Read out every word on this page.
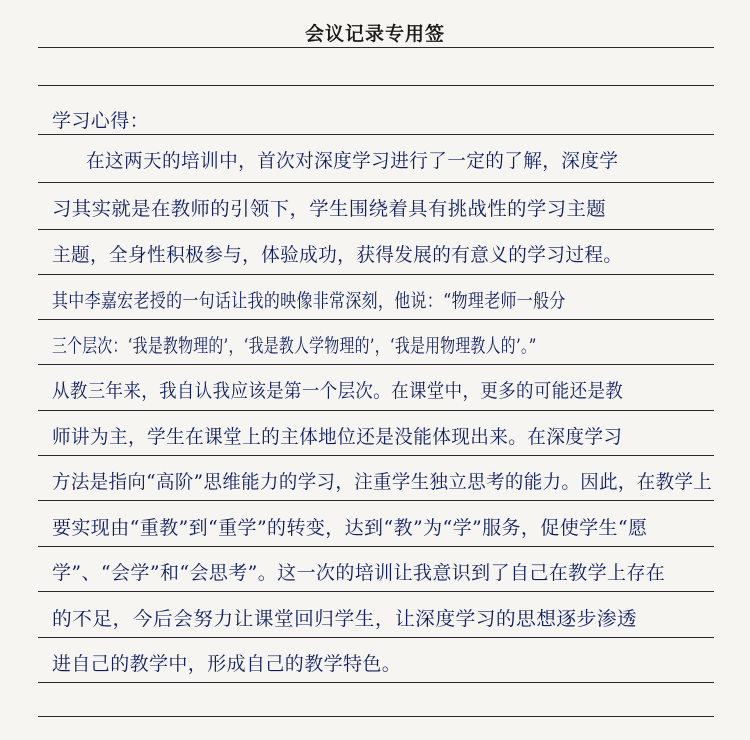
会议记录专用签
学习心得：
在这两天的培训中，首次对深度学习进行了一定的了解，深度学
习其实就是在教师的引领下，学生围绕着具有挑战性的学习主题
主题，全身性积极参与，体验成功，获得发展的有意义的学习过程。
其中李嘉宏老授的一句话让我的映像非常深刻，他说：“物理老师一般分
三个层次：‘我是教物理的’，‘我是教人学物理的’，‘我是用物理教人的’。”
从教三年来，我自认我应该是第一个层次。在课堂中，更多的可能还是教
师讲为主，学生在课堂上的主体地位还是没能体现出来。在深度学习
方法是指向“高阶”思维能力的学习，注重学生独立思考的能力。因此，在教学上
要实现由“重教”到“重学”的转变，达到“教”为“学”服务，促使学生“愿
学”、“会学”和“会思考”。这一次的培训让我意识到了自己在教学上存在
的不足，今后会努力让课堂回归学生，让深度学习的思想逐步渗透
进自己的教学中，形成自己的教学特色。
